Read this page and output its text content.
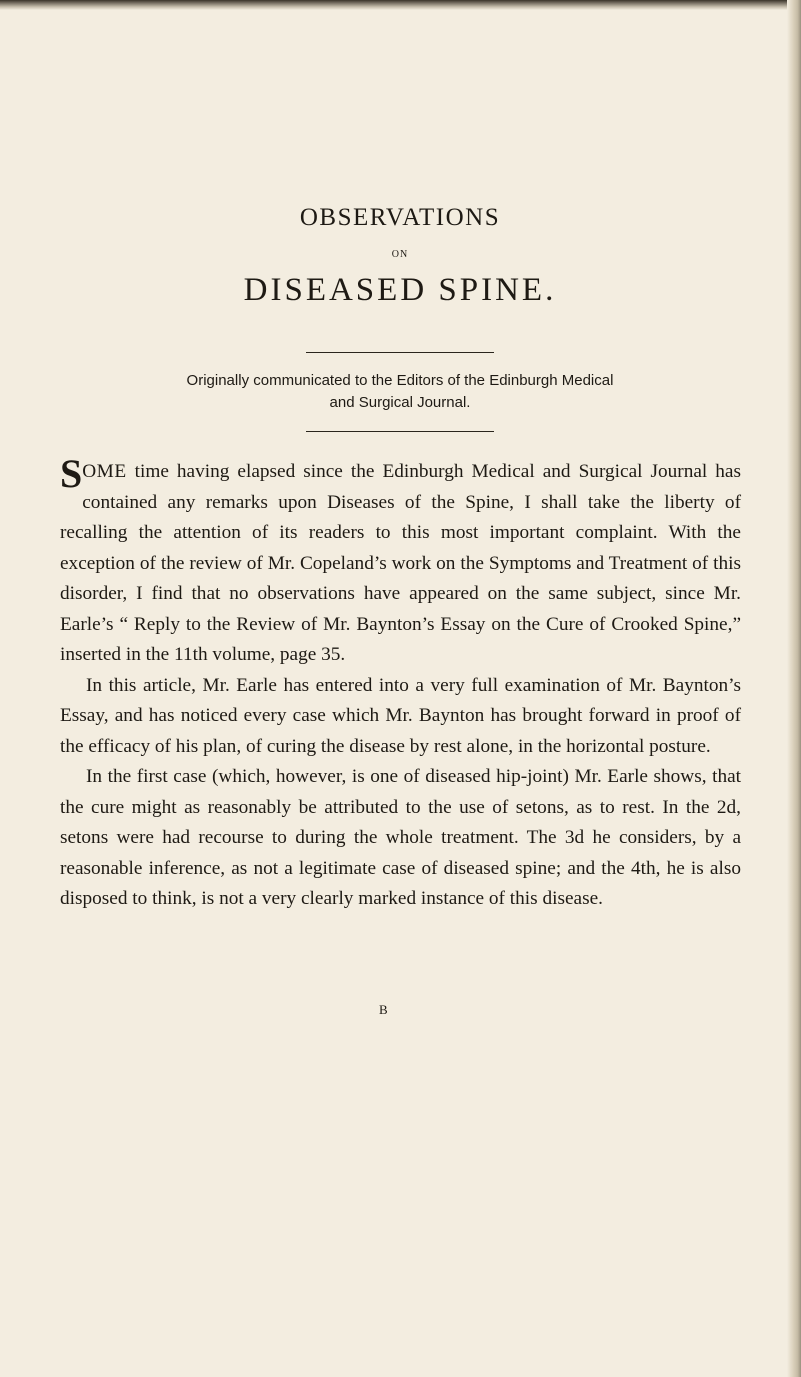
OBSERVATIONS
ON
DISEASED SPINE.
Originally communicated to the Editors of the Edinburgh Medical
and Surgical Journal.

SOME time having elapsed since the Edinburgh Medical and Surgical Journal has contained any remarks upon Diseases of the Spine, I shall take the liberty of recalling the attention of its readers to this most important complaint. With the exception of the review of Mr. Copeland’s work on the Symptoms and Treatment of this disorder, I find that no observations have appeared on the same subject, since Mr. Earle’s “ Reply to the Review of Mr. Baynton’s Essay on the Cure of Crooked Spine,” inserted in the 11th volume, page 35.

In this article, Mr. Earle has entered into a very full examination of Mr. Baynton’s Essay, and has noticed every case which Mr. Baynton has brought forward in proof of the efficacy of his plan, of curing the disease by rest alone, in the horizontal posture.

In the first case (which, however, is one of diseased hip-joint) Mr. Earle shows, that the cure might as reasonably be attributed to the use of setons, as to rest. In the 2d, setons were had recourse to during the whole treatment. The 3d he considers, by a reasonable inference, as not a legitimate case of diseased spine; and the 4th, he is also disposed to think, is not a very clearly marked instance of this disease.

B
